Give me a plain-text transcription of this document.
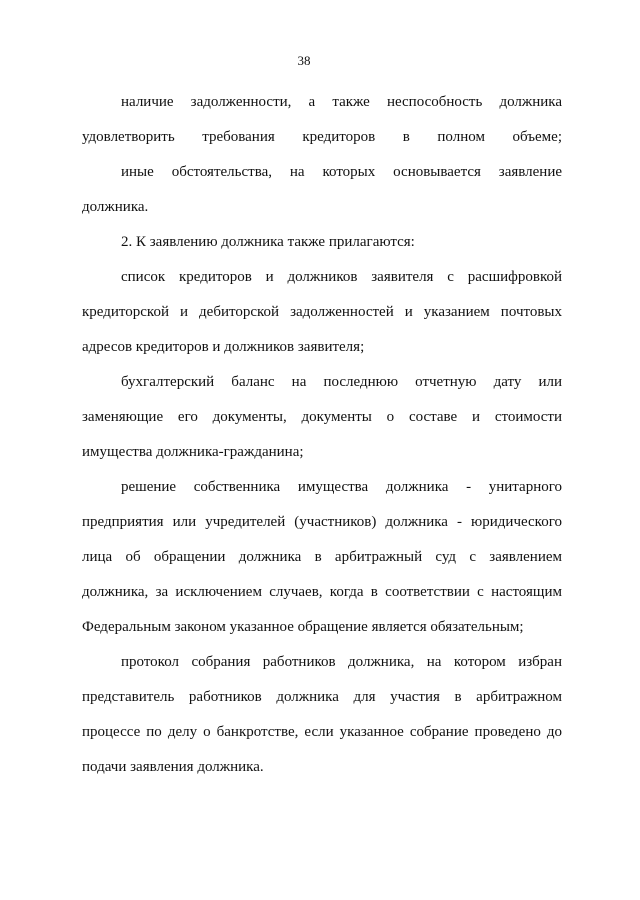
38
наличие задолженности, а также неспособность должника
удовлетворить требования кредиторов в полном объеме;
иные обстоятельства, на которых основывается заявление
должника.
2. К заявлению должника также прилагаются:
список кредиторов и должников заявителя с расшифровкой
кредиторской и дебиторской задолженностей и указанием почтовых
адресов кредиторов и должников заявителя;
бухгалтерский баланс на последнюю отчетную дату или
заменяющие его документы, документы о составе и стоимости
имущества должника-гражданина;
решение собственника имущества должника - унитарного
предприятия или учредителей (участников) должника - юридического
лица об обращении должника в арбитражный суд с заявлением
должника, за исключением случаев, когда в соответствии с настоящим
Федеральным законом указанное обращение является обязательным;
протокол собрания работников должника, на котором избран
представитель работников должника для участия в арбитражном
процессе по делу о банкротстве, если указанное собрание проведено до
подачи заявления должника.
